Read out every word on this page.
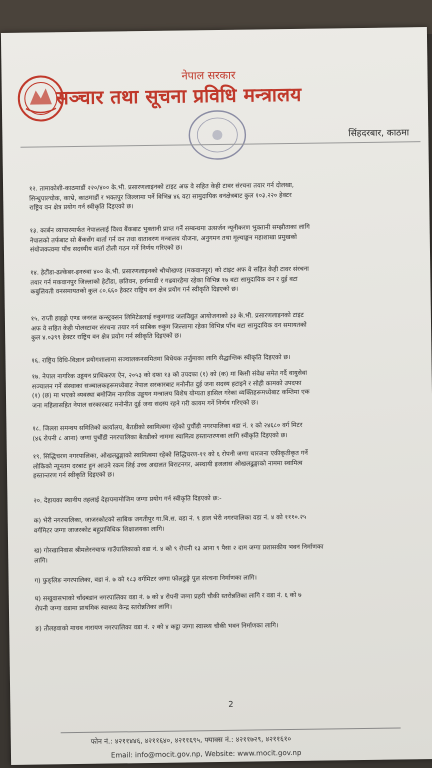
नेपाल सरकार
सञ्चार तथा सूचना प्रविधि मन्त्रालय
सिंहदरबार, काठमा
१२. तामाकोशी-काठमाडौं २२०/४०० के.भी. प्रसारणलाइनको टाइट अफ वे सहित केही टावर संरचना तयार गर्न दोलखा,
सिन्धुपाल्चोक, काभ्रे, काठमाडौं र भक्तपुर जिल्लामा पर्ने विभिन्न ४६ वटा सामुदायिक वनक्षेत्रबाट कुल १०३.२२० हेक्टर
राष्ट्रिय वन क्षेत्र प्रयोग गर्न स्वीकृति दिइएको छ।
१३. कार्बन व्यापारमार्फत नेपाललाई विश्व बैंकबाट भुक्तानी प्राप्त गर्ने सम्बन्धमा उत्सर्जन न्यूनीकरण भुक्तानी सम्झौताका लागि
नेपालको तर्फबाट सो बैंकसँग वार्ता गर्न वन तथा वातावरण मन्त्रालय योजना, अनुगमन तथा मूल्याङ्कन महाशाखा प्रमुखको
संयोजकत्वमा पाँच सदस्यीय वार्ता टोली गठन गर्ने निर्णय गरिएको छ।
१४. हेटौंडा-ढल्केबर-इनरुवा ४०० के.भी. प्रसारणलाइनको चौथोखण्ड (मकवानपुर) को टाइट अफ वे सहित केही टावर संरचना
तयार गर्न मकवानपुर जिल्लाको हेटौंडा, छतिवन, हर्नामाडी र गढवारहेमा रहेका विभिन्न १७ वटा सामुदायिक वन र दुई वटा
कबुलियती वनसमायतको कुल ८०.६६० हेक्टर राष्ट्रिय वन क्षेत्र प्रयोग गर्न स्वीकृति दिइएको छ।
१५. राप्ती हाइड्रो एण्ड जनरल कन्स्ट्रक्सन लिमिटेडलाई रुकुमगाड जलविद्युत आयोजनाको ३३ के.भी. प्रसारणलाइनको टाइट
अफ वे सहित केही पोलस्टावर संरचना तयार गर्न साबिक रुकुम जिल्लामा रहेका विभिन्न पाँच वटा सामुदायिक वन समायतको
कुल ४.०३९९ हेक्टर राष्ट्रिय वन क्षेत्र प्रयोग गर्न स्वीकृति दिइएको छ।
१६. राष्ट्रिय विधि-विज्ञान प्रयोगशालामा सञ्चालकनसमितमा विधेयक तर्जुमाका लागि सैद्धान्तिक स्वीकृति दिइएको छ।
१७. नेपाल नागरिक उड्डयन प्राधिकरण ऐन, २०५३ को दफा १३ को उपदफा (१) को (क) मा किसी संवेक्ष समेत गर्दै वायुसेवा
सञ्चालन गर्ने संस्थाका सञ्चालकहरूमध्येबाट नेपाल सरकारबाट मनोनीत दुई जना सदस्य हटाइने र सोही कामको उपदफा
(१) (छ) मा भएको व्यवस्था बमोजिम नागरिक उड्डयन मन्त्रालय विशेष योग्यता हासिल गरेका व्यक्तिहरूमध्येबाट कम्तिमा एक
जना महिलासहित नेपाल सरकारबाट मनोनीत दुई जना सदस्य रहने गरी कायम गर्ने निर्णय गरिएको छ।
१८. जिल्ला समन्वय समितिको कार्यालय, बैतडीको स्वामित्वमा रहेको पुर्चौडी नगरपालिका वडा नं. १ को २४६८० वर्ग मिटर
(४६ रोपनी ८ आना) जग्गा पुर्चौडी नगरपालिका बैतडीको नाममा स्वामित्व हस्तान्तरणका लागि स्वीकृति दिइएको छ।
१९. सिद्धिचरण नगरपालिका, ओखलढुङ्गाको स्वामित्वमा रहेको सिद्धिचरण-११ को ६ रोपनी जग्गा चारजना एकीकृतीकृत गर्ने
लोकिको न्यूनतम दरबाट हुन आउने रकम लिई उच्च अदालत विराटनगर, अस्थायी इजलास ओखलढुङ्गाको नाममा स्वामित्व
हस्तान्तरण गर्न स्वीकृति दिइएको छ।
२०. देहायका स्थानीय तहलाई देहायमामोजिम जग्गा प्रयोग गर्न स्वीकृति दिइएको छ:-
क) भेरी नगरपालिका, जाजरकोटको साबिक जगतीपुर गा.वि.स. वडा नं. ९ हाल भेरी नगरपालिका वडा नं. ४ को १११०.२५
वर्गमिटर जग्गा जाजरकोट बहुप्राविधिक शिक्षालयका लागि।
ख) गोरखानिवास श्रीमलेरनचाफ गाउँपालिकाको वडा नं. ४ को ९ रोपनी १३ आना ९ पैसा २ दाम जग्गा प्रशासकीय भवन निर्माणका
लागि।
ग) फुङ्लिङ नगरपालिका, वडा नं. ७ को १८३ वर्गमिटर जग्गा फोलडुङ्गे पुल संरचना निर्माणका लागि।
घ) सखुवासभाको चाँदबडान नगरपालिका वडा नं. ७ को ४ रोपनी जग्गा प्रहरी चौकी स्तरोन्नतिका लागि र वडा नं. ६ को ७
रोपनी जग्गा वडामा प्राथमिक स्वास्थ्य केन्द्र स्तरोन्नतिका लागि।
ङ) तौलहवाको माधव नारायण नगरपालिका वडा नं. २ को ४ कट्ठा जग्गा स्वास्थ्य चौकी भवन निर्माणका लागि।
2
फोन नं.: ४२११४४६, ४२११६४०, ४२११६९५, फ्याक्स नं.: ४२११७२९, ४२११६१०
Email: info@mocit.gov.np, Website: www.mocit.gov.np
